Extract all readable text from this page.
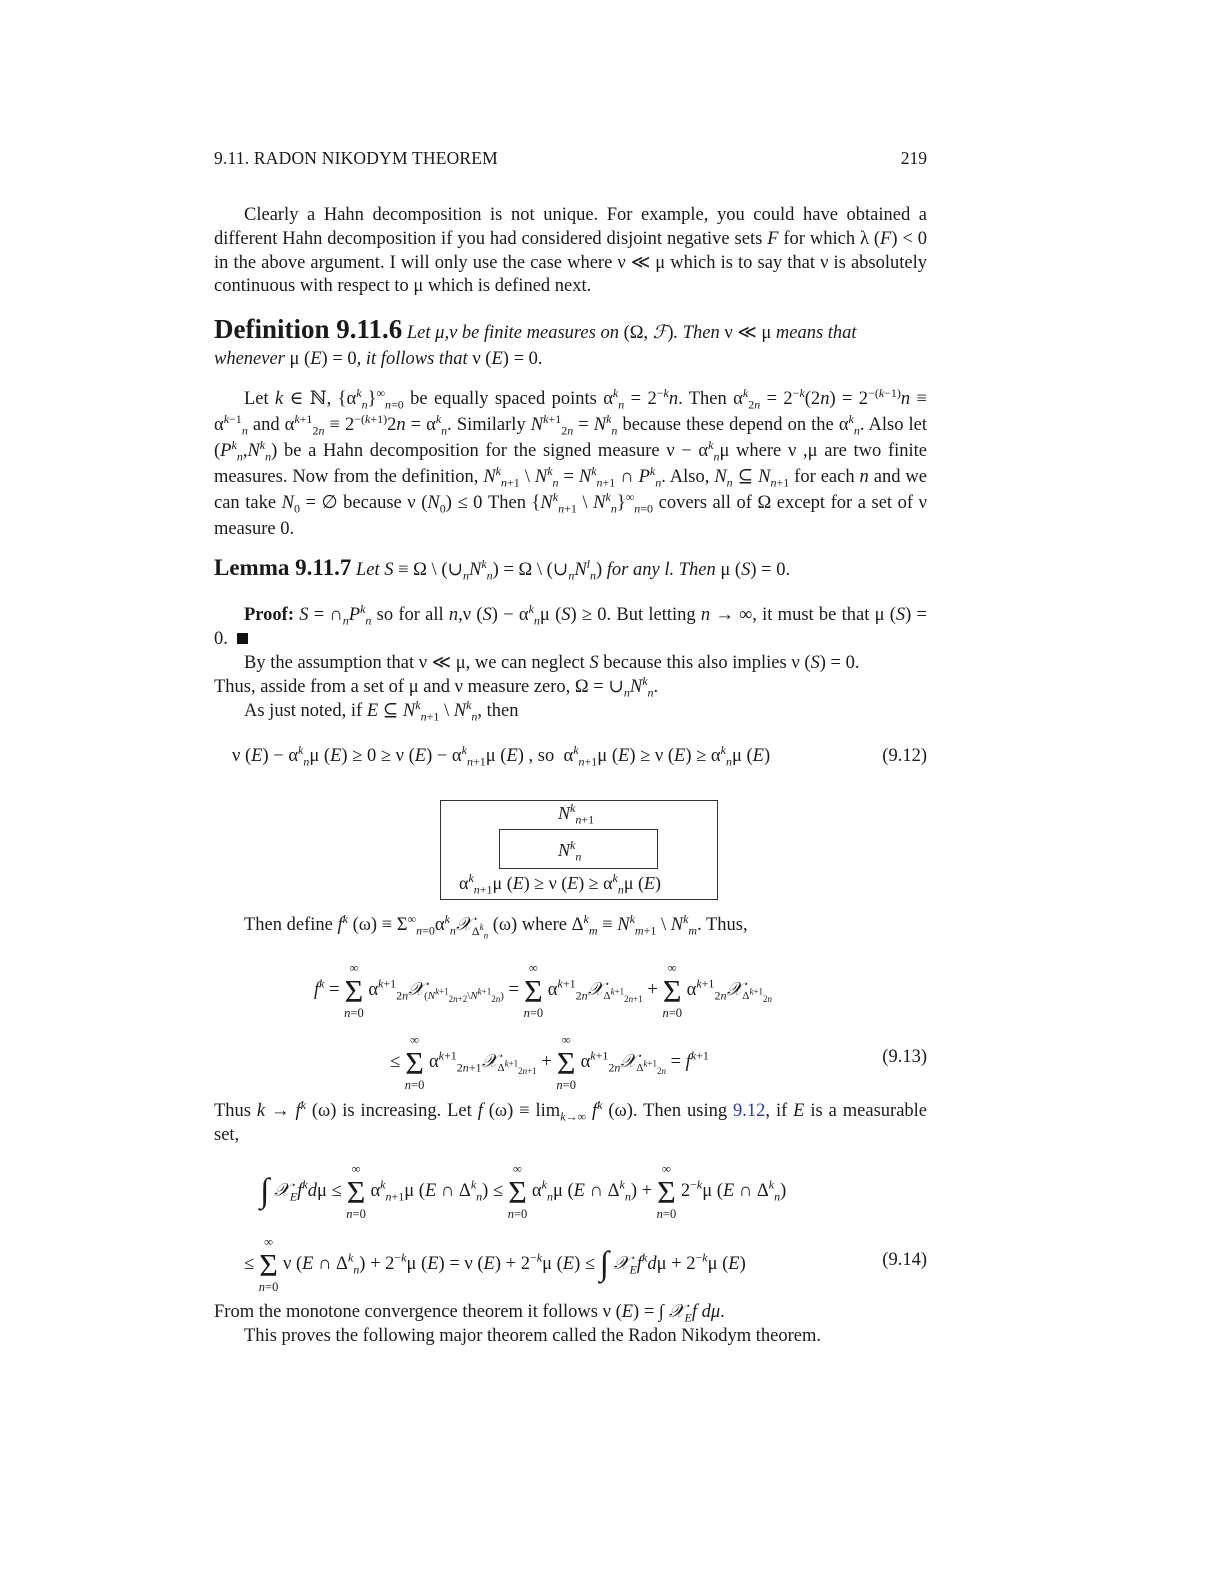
9.11. RADON NIKODYM THEOREM	219
Clearly a Hahn decomposition is not unique. For example, you could have obtained a different Hahn decomposition if you had considered disjoint negative sets F for which λ (F) < 0 in the above argument. I will only use the case where ν ≪ μ which is to say that ν is absolutely continuous with respect to μ which is defined next.
Definition 9.11.6 Let μ,ν be finite measures on (Ω, ℱ). Then ν ≪ μ means that
whenever μ (E) = 0, it follows that ν (E) = 0.
Let k ∈ ℕ, $\{\alpha^k_n\}^\infty_{n=0}$ be equally spaced points $\alpha^k_n = 2^{-k}n$. Then $\alpha^k_{2n} = 2^{-k}(2n) = 2^{-(k-1)}n \equiv \alpha^{k-1}_n$ and $\alpha^{k+1}_{2n} \equiv 2^{-(k+1)}2n = \alpha^k_n$. Similarly $N^{k+1}_{2n} = N^k_n$ because these depend on the $\alpha^k_n$. Also let $(P^k_n,N^k_n)$ be a Hahn decomposition for the signed measure $\nu - \alpha^k_n\mu$ where ν ,μ are two finite measures. Now from the definition, $N^k_{n+1}$ \ $N^k_n = N^k_{n+1}$ ∩ $P^k_n$. Also, $N_n$ ⊆ $N_{n+1}$ for each n and we can take $N_0$ = ∅ because ν $(N_0) \le 0$ Then {$N^k_{n+1}$ \ $N^k_n\}^\infty_{n=0}$ covers all of Ω except for a set of ν measure 0.
Lemma 9.11.7 Let S ≡ Ω \ $(\cup_nN^k_n) = \Omega$ \ $(\cup_nN^l_n)$ for any l. Then μ (S) = 0.
Proof: $S = \cap_nP^k_n$ so for all n,ν $(S) - \alpha^k_n\mu$ (S) ≥ 0. But letting n → ∞, it must be that μ (S) = 0.
By the assumption that ν ≪ μ, we can neglect S because this also implies ν (S) = 0.
Thus, asside from a set of μ and ν measure zero, $\Omega = \cup_nN^k_n$.
As just noted, if E ⊆ $N^k_{n+1}$ \ $N^k_n$, then
ν $(E) - \alpha^k_n\mu$ (E) ≥ 0 ≥ ν $(E) - \alpha^k_{n+1}\mu$ (E) , so  $\alpha^k_{n+1}\mu$ (E) ≥ ν $(E) \ge \alpha^k_n\mu$ (E)	(9.12)
$N^k_{n+1}$
$N^k_n$
$\alpha^k_{n+1}\mu$ (E) ≥ ν $(E) \ge \alpha^k_n\mu$ (E)
Then define $f^k$ $(\omega) \equiv \Sigma^\infty_{n=0}\alpha^k_n𝒳_{\Delta^k_n}$ (ω) where $\Delta^k_m \equiv N^k_{m+1}$ \ $N^k_m$. Thus,
$f^k$ =
∞
Σ
n=0
$\alpha^{k+1}_{2n}𝒳_{(N^{k+1}_{2n+2}\backslash N^{k+1}_{2n})}$ =
∞
Σ
n=0
$\alpha^{k+1}_{2n}𝒳_{\Delta^{k+1}_{2n+1}}$ +
∞
Σ
n=0
$\alpha^{k+1}_{2n}𝒳_{\Delta^{k+1}_{2n}}$
≤
∞
Σ
n=0
$\alpha^{k+1}_{2n+1}𝒳_{\Delta^{k+1}_{2n+1}}$ +
∞
Σ
n=0
$\alpha^{k+1}_{2n}𝒳_{\Delta^{k+1}_{2n}} = f^{k+1}$	(9.13)
Thus $k \to f^k$ (ω) is increasing. Let f $(\omega) \equiv \lim_{k\to\infty} f^k$ (ω). Then using 9.12, if E is a measurable set,
∫ $𝒳_Ef^kd\mu$ ≤
∞
Σ
n=0
$\alpha^k_{n+1}\mu$ (E ∩ $\Delta^k_n$) ≤
∞
Σ
n=0
$\alpha^k_n\mu$ (E ∩ $\Delta^k_n$) +
∞
Σ
n=0
$2^{-k}\mu$ (E ∩ $\Delta^k_n$)
≤
∞
Σ
n=0
ν (E ∩ $\Delta^k_n) + 2^{-k}\mu$ (E) = ν $(E) + 2^{-k}\mu$ (E) ≤ ∫ $𝒳_Ef^kd\mu + 2^{-k}\mu$ (E)	(9.14)
From the monotone convergence theorem it follows ν (E) = ∫ 𝒳$_E$f dμ.
This proves the following major theorem called the Radon Nikodym theorem.
